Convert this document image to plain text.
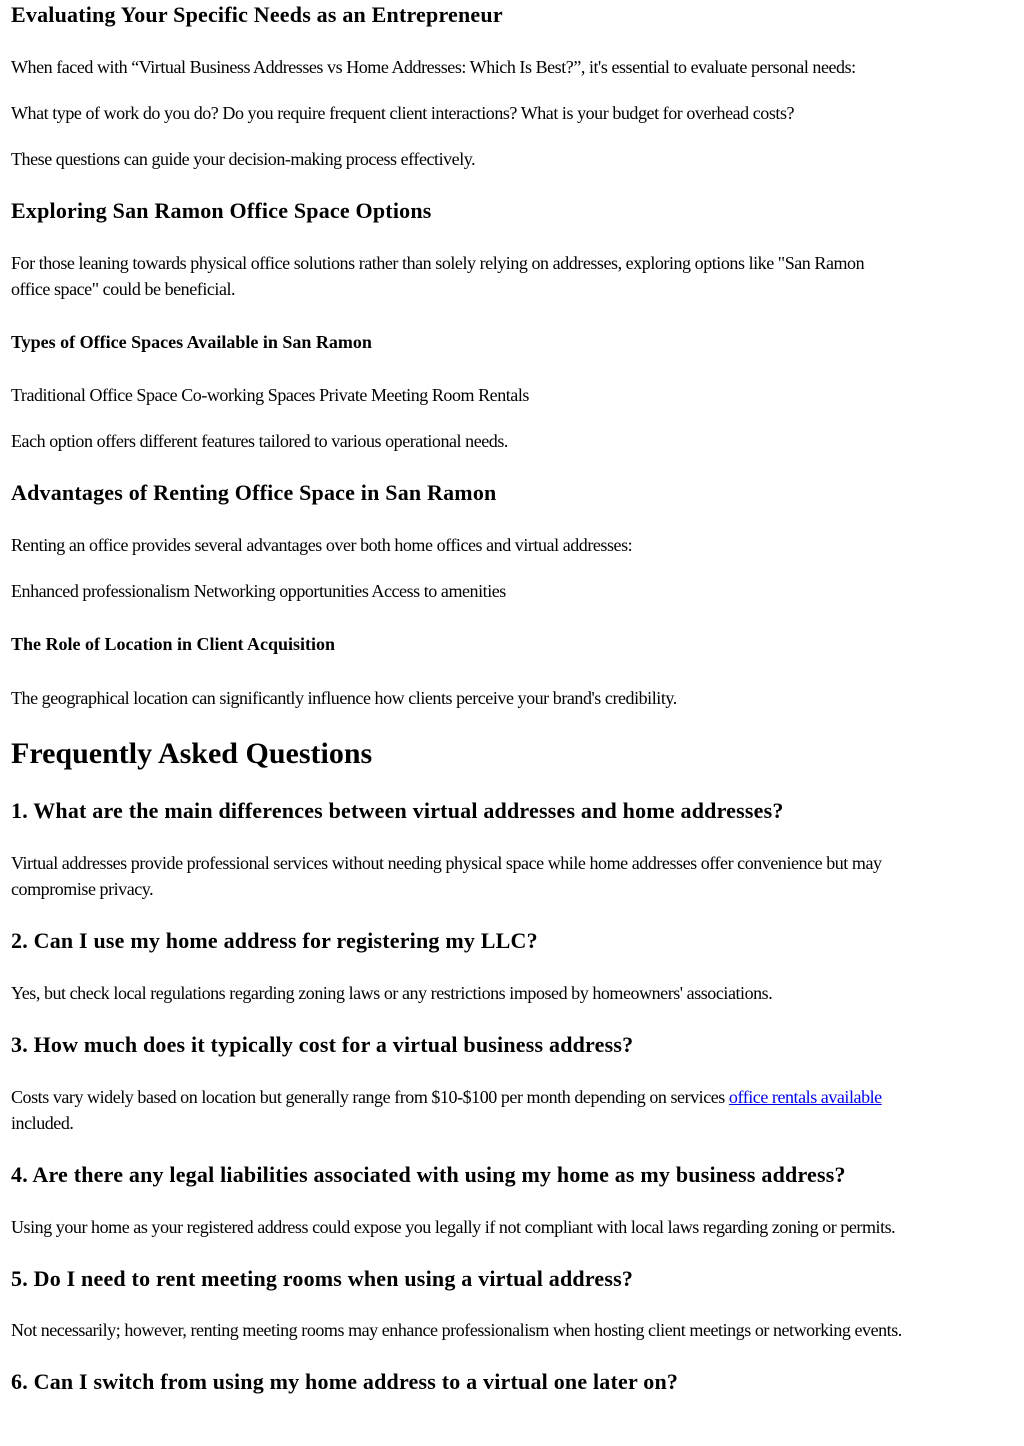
Evaluating Your Specific Needs as an Entrepreneur

When faced with “Virtual Business Addresses vs Home Addresses: Which Is Best?”, it's essential to evaluate personal needs:

What type of work do you do? Do you require frequent client interactions? What is your budget for overhead costs?

These questions can guide your decision-making process effectively.

Exploring San Ramon Office Space Options

For those leaning towards physical office solutions rather than solely relying on addresses, exploring options like "San Ramon

office space" could be beneficial.

Types of Office Spaces Available in San Ramon

Traditional Office Space Co-working Spaces Private Meeting Room Rentals

Each option offers different features tailored to various operational needs.

Advantages of Renting Office Space in San Ramon

Renting an office provides several advantages over both home offices and virtual addresses:

Enhanced professionalism Networking opportunities Access to amenities

The Role of Location in Client Acquisition

The geographical location can significantly influence how clients perceive your brand's credibility.

Frequently Asked Questions
1. What are the main differences between virtual addresses and home addresses?

Virtual addresses provide professional services without needing physical space while home addresses offer convenience but may

compromise privacy.

2. Can I use my home address for registering my LLC?

Yes, but check local regulations regarding zoning laws or any restrictions imposed by homeowners' associations.

3. How much does it typically cost for a virtual business address?

Costs vary widely based on location but generally range from $10-$100 per month depending on services office rentals available

included.

4. Are there any legal liabilities associated with using my home as my business address?

Using your home as your registered address could expose you legally if not compliant with local laws regarding zoning or permits.

5. Do I need to rent meeting rooms when using a virtual address?

Not necessarily; however, renting meeting rooms may enhance professionalism when hosting client meetings or networking events.

6. Can I switch from using my home address to a virtual one later on?
